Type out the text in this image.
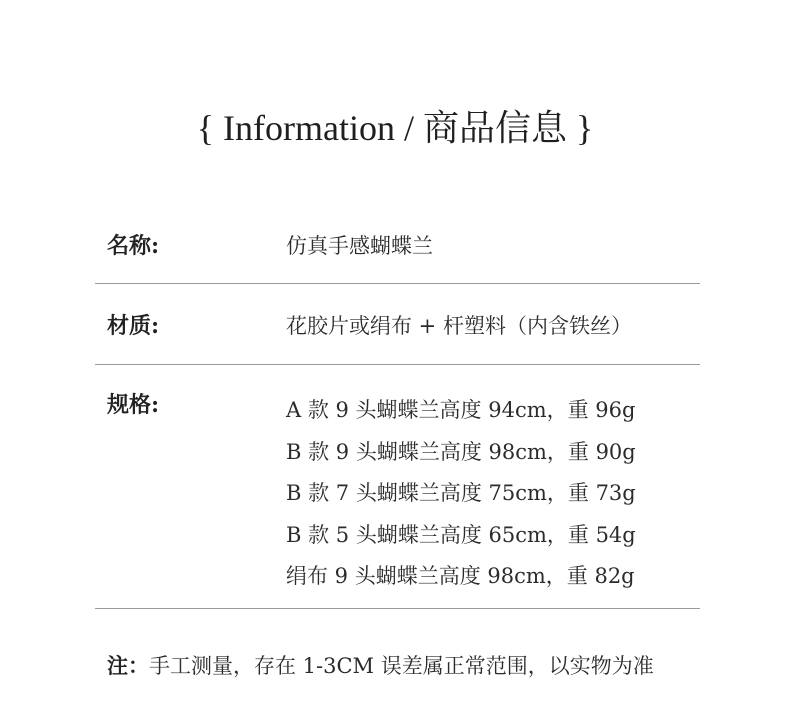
{ Information / 商品信息 }
名称:	仿真手感蝴蝶兰
材质:	花胶片或绢布 + 杆塑料（内含铁丝）
规格:	A 款 9 头蝴蝶兰高度 94cm，重 96g
B 款 9 头蝴蝶兰高度 98cm，重 90g
B 款 7 头蝴蝶兰高度 75cm，重 73g
B 款 5 头蝴蝶兰高度 65cm，重 54g
绢布 9 头蝴蝶兰高度 98cm，重 82g
注：手工测量，存在 1-3CM 误差属正常范围，以实物为准
